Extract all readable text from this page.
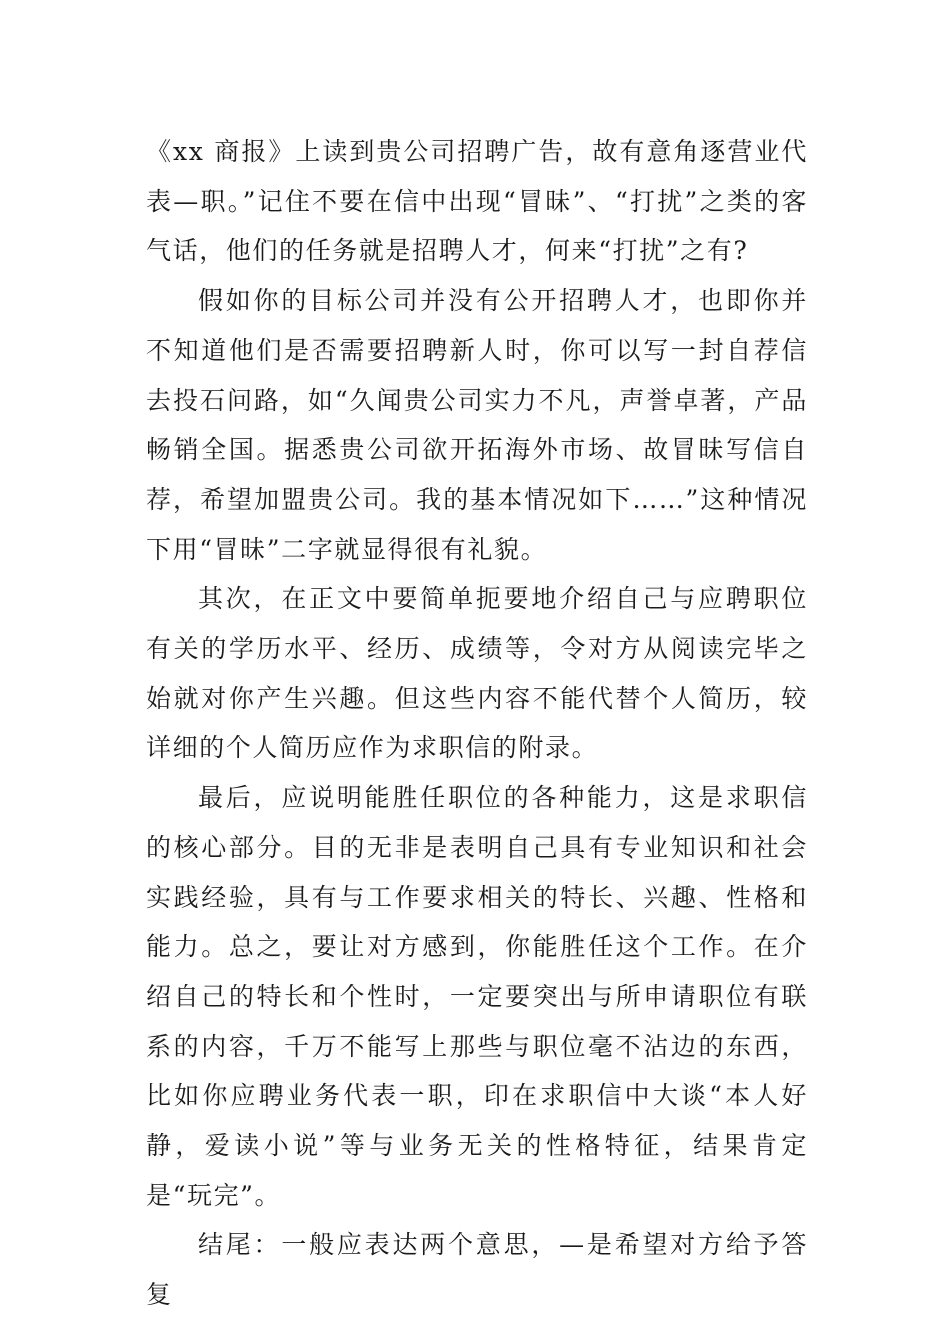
《xx 商报》上读到贵公司招聘广告，故有意角逐营业代表—职。”记住不要在信中出现“冒昧”、“打扰”之类的客气话，他们的任务就是招聘人才，何来“打扰”之有?

假如你的目标公司并没有公开招聘人才，也即你并不知道他们是否需要招聘新人时，你可以写一封自荐信去投石问路，如“久闻贵公司实力不凡，声誉卓著，产品畅销全国。据悉贵公司欲开拓海外市场、故冒昧写信自荐，希望加盟贵公司。我的基本情况如下……”这种情况下用“冒昧”二字就显得很有礼貌。

其次，在正文中要简单扼要地介绍自己与应聘职位有关的学历水平、经历、成绩等，令对方从阅读完毕之始就对你产生兴趣。但这些内容不能代替个人简历，较详细的个人简历应作为求职信的附录。

最后，应说明能胜任职位的各种能力，这是求职信的核心部分。目的无非是表明自己具有专业知识和社会实践经验，具有与工作要求相关的特长、兴趣、性格和能力。总之，要让对方感到，你能胜任这个工作。在介绍自己的特长和个性时，一定要突出与所申请职位有联系的内容，千万不能写上那些与职位毫不沾边的东西，比如你应聘业务代表一职，印在求职信中大谈“本人好静，爱读小说”等与业务无关的性格特征，结果肯定是“玩完”。

结尾：一般应表达两个意思，—是希望对方给予答复
